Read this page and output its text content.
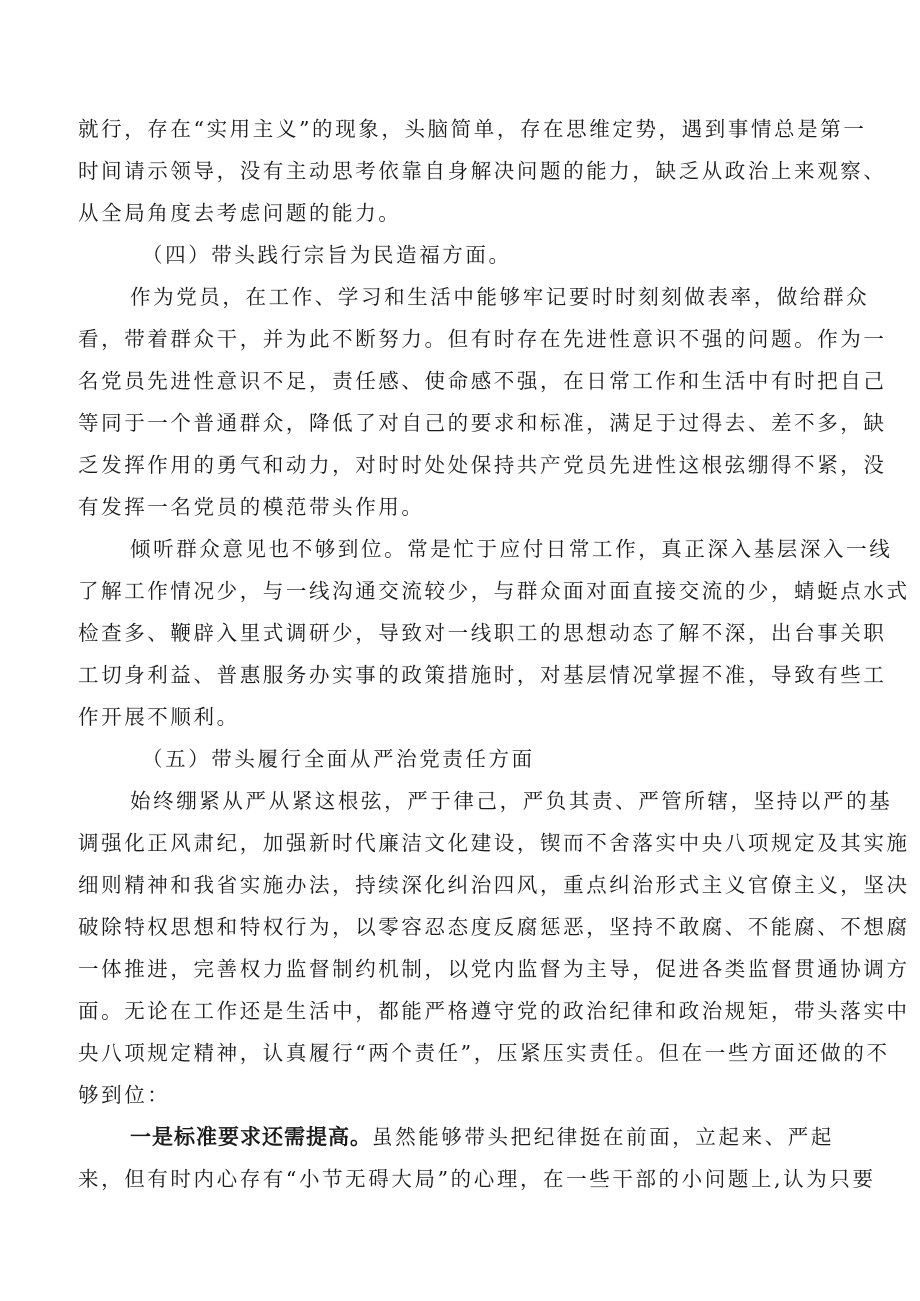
就行，存在“实用主义”的现象，头脑简单，存在思维定势，遇到事情总是第一
时间请示领导，没有主动思考依靠自身解决问题的能力，缺乏从政治上来观察、
从全局角度去考虑问题的能力。
（四）带头践行宗旨为民造福方面。
作为党员，在工作、学习和生活中能够牢记要时时刻刻做表率，做给群众
看，带着群众干，并为此不断努力。但有时存在先进性意识不强的问题。作为一
名党员先进性意识不足，责任感、使命感不强，在日常工作和生活中有时把自己
等同于一个普通群众，降低了对自己的要求和标准，满足于过得去、差不多，缺
乏发挥作用的勇气和动力，对时时处处保持共产党员先进性这根弦绷得不紧，没
有发挥一名党员的模范带头作用。
倾听群众意见也不够到位。常是忙于应付日常工作，真正深入基层深入一线
了解工作情况少，与一线沟通交流较少，与群众面对面直接交流的少，蜻蜓点水式
检查多、鞭辟入里式调研少，导致对一线职工的思想动态了解不深，出台事关职
工切身利益、普惠服务办实事的政策措施时，对基层情况掌握不准，导致有些工
作开展不顺利。
（五）带头履行全面从严治党责任方面
始终绷紧从严从紧这根弦，严于律己，严负其责、严管所辖，坚持以严的基
调强化正风肃纪，加强新时代廉洁文化建设，锲而不舍落实中央八项规定及其实施
细则精神和我省实施办法，持续深化纠治四风，重点纠治形式主义官僚主义，坚决
破除特权思想和特权行为，以零容忍态度反腐惩恶，坚持不敢腐、不能腐、不想腐
一体推进，完善权力监督制约机制，以党内监督为主导，促进各类监督贯通协调方
面。无论在工作还是生活中，都能严格遵守党的政治纪律和政治规矩，带头落实中
央八项规定精神，认真履行“两个责任”，压紧压实责任。但在一些方面还做的不
够到位：
一是标准要求还需提高。虽然能够带头把纪律挺在前面，立起来、严起
来，但有时内心存有“小节无碍大局”的心理，在一些干部的小问题上,认为只要
